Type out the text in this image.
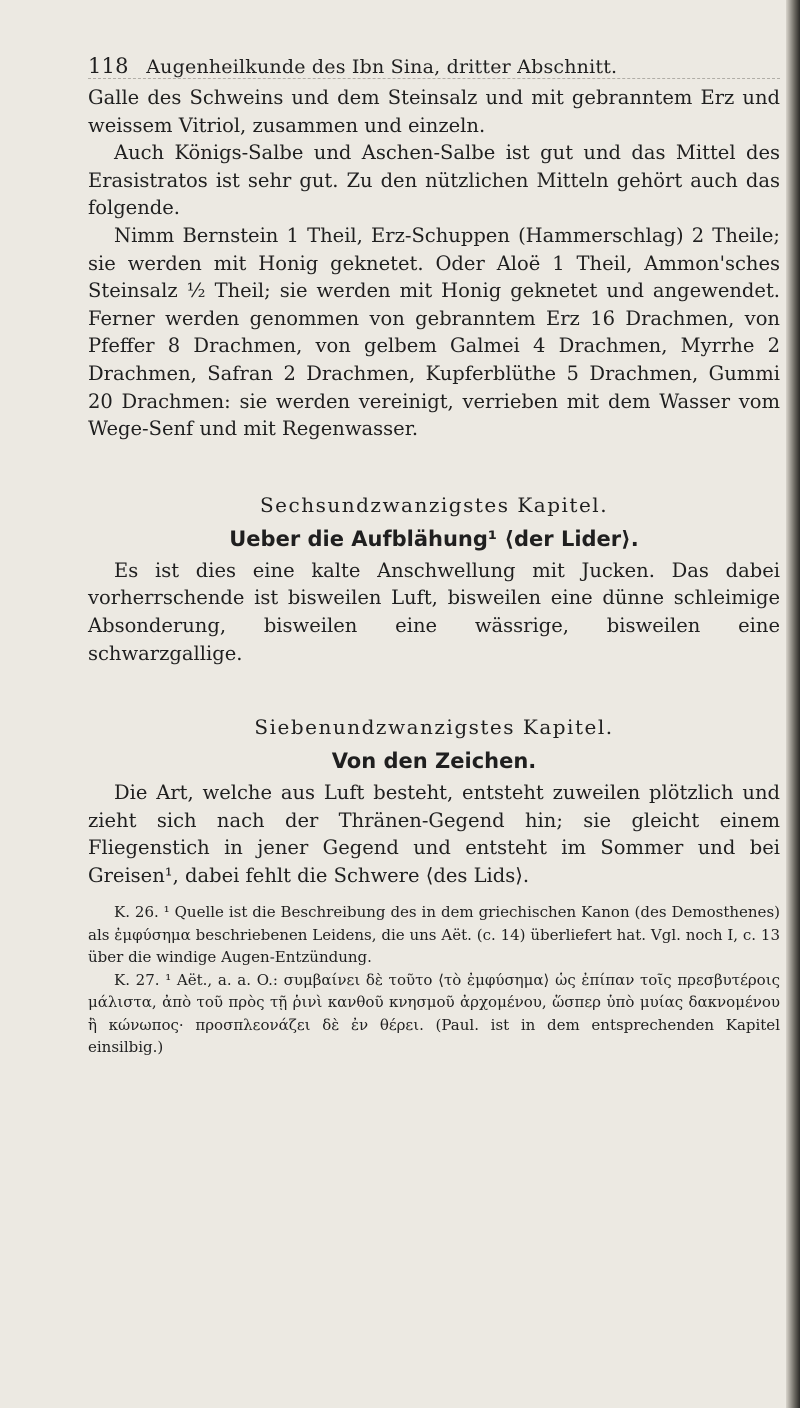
118 Augenheilkunde des Ibn Sina, dritter Abschnitt.

Galle des Schweins und dem Steinsalz und mit gebranntem Erz und weissem Vitriol, zusammen und einzeln.

Auch Königs-Salbe und Aschen-Salbe ist gut und das Mittel des Erasistratos ist sehr gut. Zu den nützlichen Mitteln gehört auch das folgende.

Nimm Bernstein 1 Theil, Erz-Schuppen (Hammerschlag) 2 Theile; sie werden mit Honig geknetet. Oder Aloë 1 Theil, Ammon'sches Steinsalz ½ Theil; sie werden mit Honig geknetet und angewendet. Ferner werden genommen von gebranntem Erz 16 Drachmen, von Pfeffer 8 Drachmen, von gelbem Galmei 4 Drachmen, Myrrhe 2 Drachmen, Safran 2 Drachmen, Kupferblüthe 5 Drachmen, Gummi 20 Drachmen: sie werden vereinigt, verrieben mit dem Wasser vom Wege-Senf und mit Regenwasser.

Sechsundzwanzigstes Kapitel.

Ueber die Aufblähung¹ ⟨der Lider⟩.

Es ist dies eine kalte Anschwellung mit Jucken. Das dabei vorherrschende ist bisweilen Luft, bisweilen eine dünne schleimige Absonderung, bisweilen eine wässrige, bisweilen eine schwarzgallige.

Siebenundzwanzigstes Kapitel.

Von den Zeichen.

Die Art, welche aus Luft besteht, entsteht zuweilen plötzlich und zieht sich nach der Thränen-Gegend hin; sie gleicht einem Fliegenstich in jener Gegend und entsteht im Sommer und bei Greisen¹, dabei fehlt die Schwere ⟨des Lids⟩.

K. 26. ¹ Quelle ist die Beschreibung des in dem griechischen Kanon (des Demosthenes) als ἐμφύσημα beschriebenen Leidens, die uns Aët. (c. 14) überliefert hat. Vgl. noch I, c. 13 über die windige Augen-Entzündung.

K. 27. ¹ Aët., a. a. O.: συμβαίνει δὲ τοῦτο ⟨τὸ ἐμφύσημα⟩ ὡς ἐπίπαν τοῖς πρεσβυτέροις μάλιστα, ἀπὸ τοῦ πρὸς τῇ ῥινὶ κανθοῦ κνησμοῦ ἀρχομένου, ὥσπερ ὑπὸ μυίας δακνομένου ἢ κώνωπος· προσπλεονάζει δὲ ἐν θέρει. (Paul. ist in dem entsprechenden Kapitel einsilbig.)
